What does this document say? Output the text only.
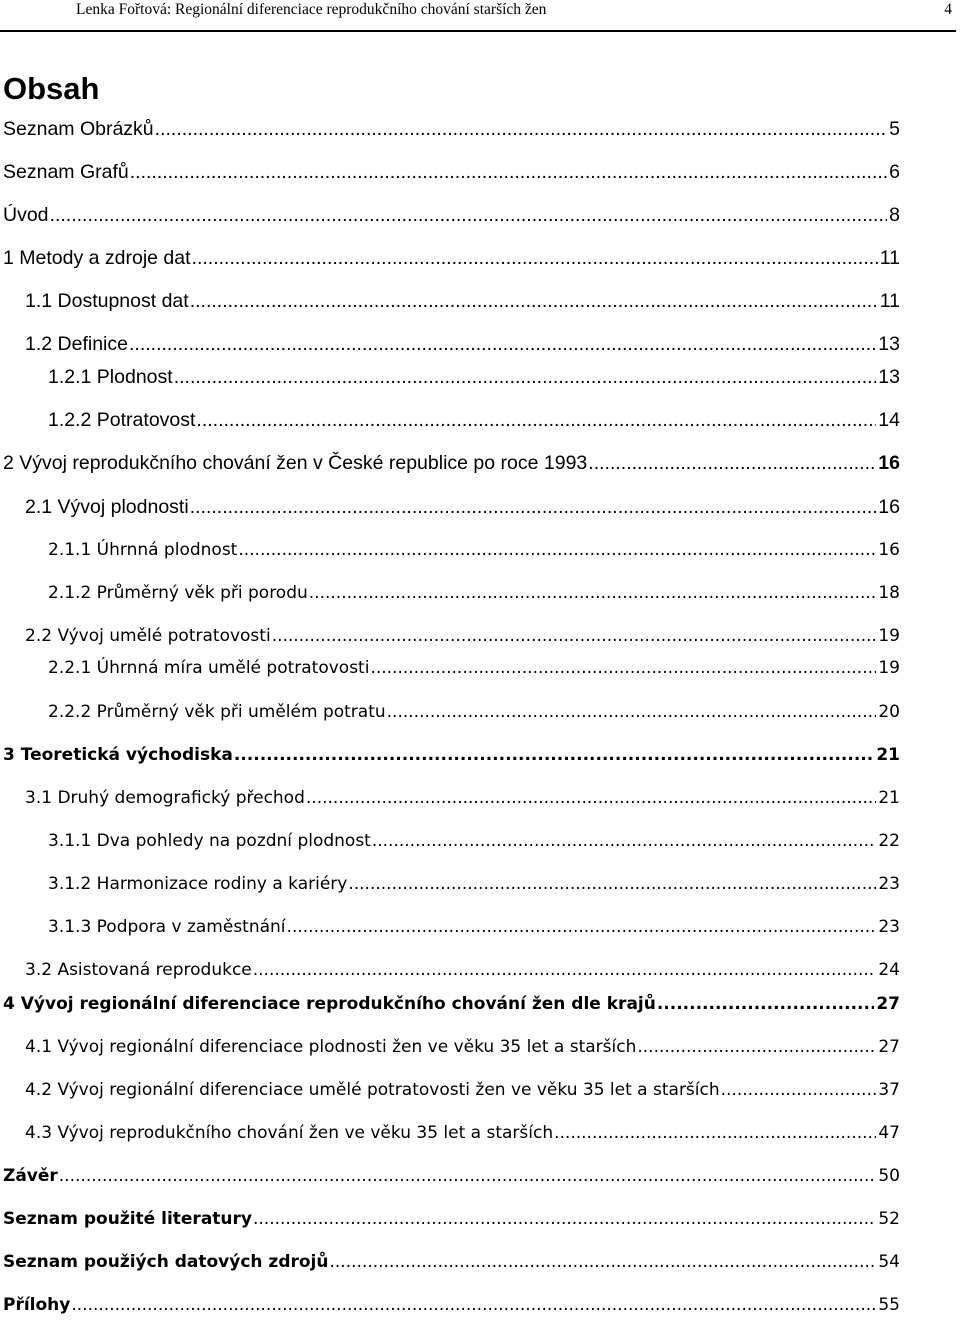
Lenka Fořtová: Regionální diferenciace reprodukčního chování starších žen	4
Obsah
Seznam Obrázků .....	5
Seznam Grafů .....	6
Úvod .....	8
1 Metody a zdroje dat .....	11
1.1 Dostupnost dat .....	11
1.2 Definice .....	13
1.2.1 Plodnost .....	13
1.2.2 Potratovost .....	14
2 Vývoj reprodukčního chování žen v České republice po roce 1993 .....	16
2.1 Vývoj plodnosti .....	16
2.1.1 Úhrnná plodnost .....	16
2.1.2 Průměrný věk při porodu .....	18
2.2 Vývoj umělé potratovosti .....	19
2.2.1 Úhrnná míra umělé potratovosti .....	19
2.2.2 Průměrný věk při umělém potratu .....	20
3 Teoretická východiska .....	21
3.1 Druhý demografický přechod .....	21
3.1.1 Dva pohledy na pozdní plodnost .....	22
3.1.2 Harmonizace rodiny a kariéry .....	23
3.1.3 Podpora v zaměstnání .....	23
3.2 Asistovaná reprodukce .....	24
4 Vývoj regionální diferenciace reprodukčního chování žen dle krajů .....	27
4.1 Vývoj regionální diferenciace plodnosti žen ve věku 35 let a starších .....	27
4.2 Vývoj regionální diferenciace umělé potratovosti žen ve věku 35 let a starších .....	37
4.3 Vývoj reprodukčního chování žen ve věku 35 let a starších .....	47
Závěr .....	50
Seznam použité literatury .....	52
Seznam použiých datových zdrojů .....	54
Přílohy .....	55
